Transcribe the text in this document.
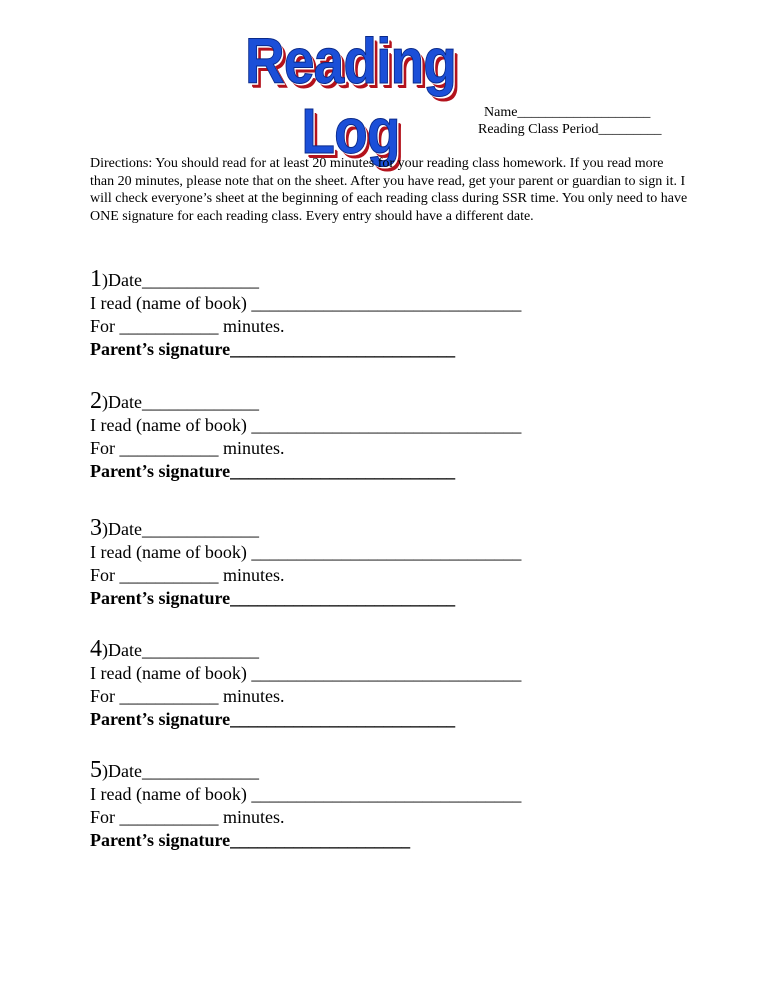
Reading Log	Name___________________
Reading Class Period_________
Directions: You should read for at least 20 minutes for your reading class homework. If you read more than 20 minutes, please note that on the sheet. After you have read, get your parent or guardian to sign it. I will check everyone’s sheet at the beginning of each reading class during SSR time. You only need to have ONE signature for each reading class. Every entry should have a different date.
1)Date_____________
I read (name of book) ______________________________
For ___________ minutes.
Parent’s signature_________________________
2)Date_____________
I read (name of book) ______________________________
For ___________ minutes.
Parent’s signature_________________________
3)Date_____________
I read (name of book) ______________________________
For ___________ minutes.
Parent’s signature_________________________
4)Date_____________
I read (name of book) ______________________________
For ___________ minutes.
Parent’s signature_________________________
5)Date_____________
I read (name of book) ______________________________
For ___________ minutes.
Parent’s signature____________________
